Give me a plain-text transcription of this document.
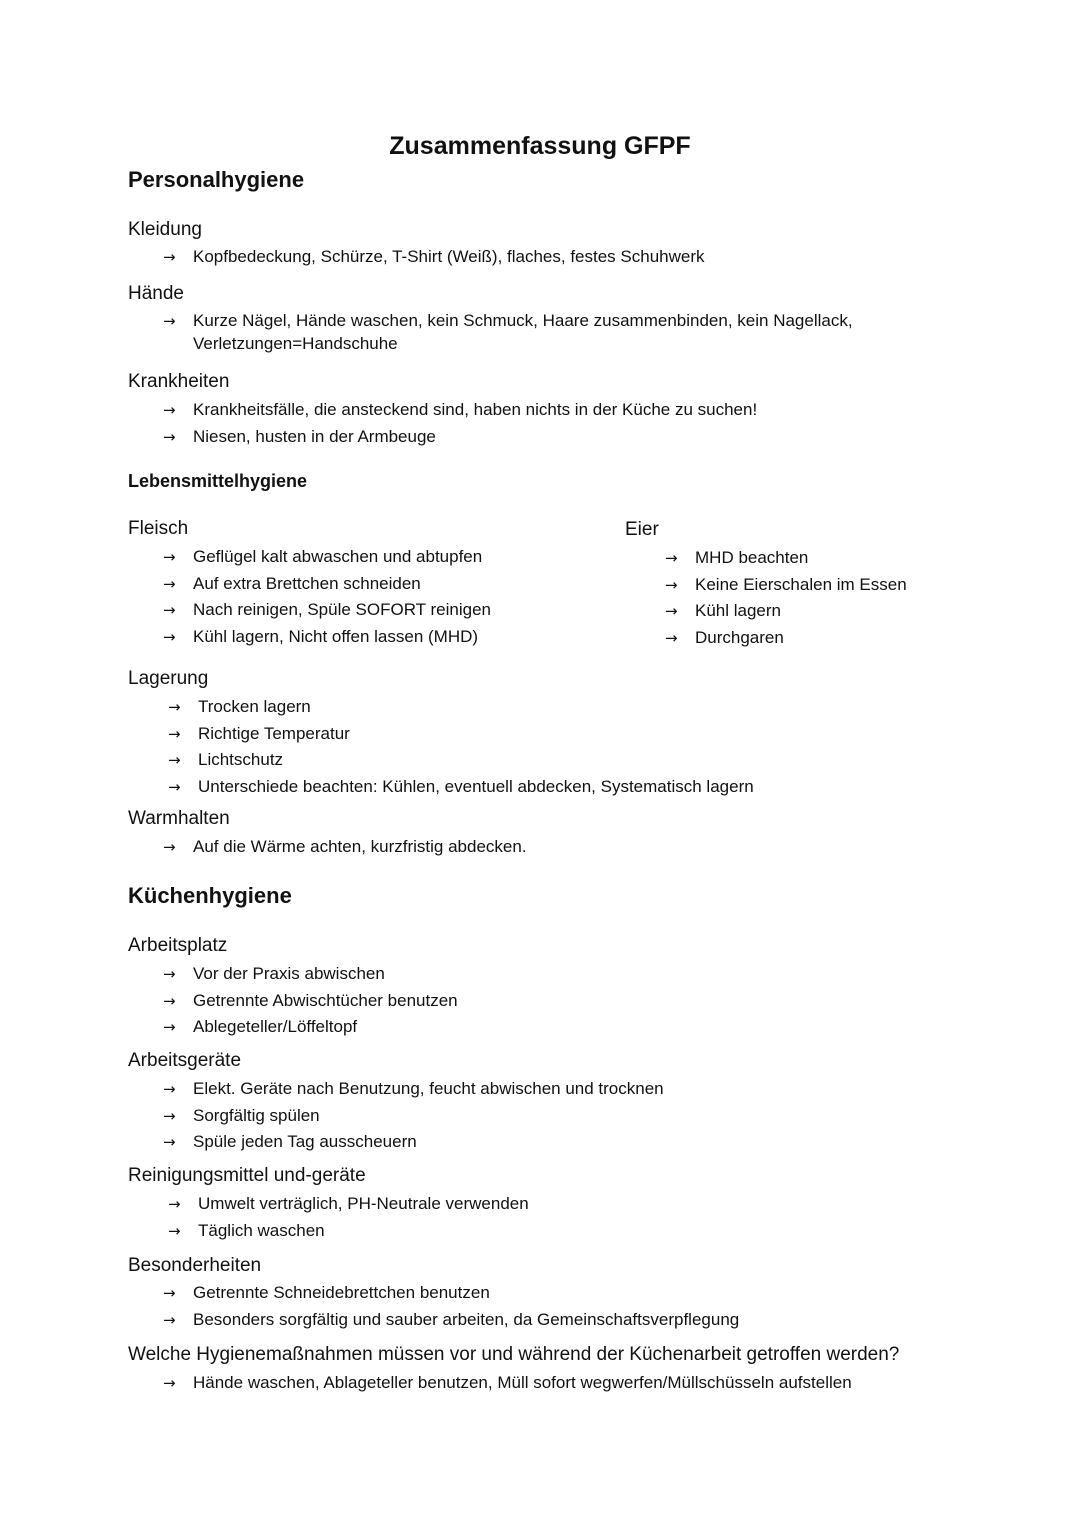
Zusammenfassung GFPF
Personalhygiene
Kleidung
→ Kopfbedeckung, Schürze, T-Shirt (Weiß), flaches, festes Schuhwerk
Hände
→ Kurze Nägel, Hände waschen, kein Schmuck, Haare zusammenbinden, kein Nagellack,
Verletzungen=Handschuhe
Krankheiten
→ Krankheitsfälle, die ansteckend sind, haben nichts in der Küche zu suchen!
→ Niesen, husten in der Armbeuge
Lebensmittelhygiene
Fleisch
→ Geflügel kalt abwaschen und abtupfen
→ Auf extra Brettchen schneiden
→ Nach reinigen, Spüle SOFORT reinigen
→ Kühl lagern, Nicht offen lassen (MHD)
Eier
→ MHD beachten
→ Keine Eierschalen im Essen
→ Kühl lagern
→ Durchgaren
Lagerung
→ Trocken lagern
→ Richtige Temperatur
→ Lichtschutz
→ Unterschiede beachten: Kühlen, eventuell abdecken, Systematisch lagern
Warmhalten
→ Auf die Wärme achten, kurzfristig abdecken.
Küchenhygiene
Arbeitsplatz
→ Vor der Praxis abwischen
→ Getrennte Abwischtücher benutzen
→ Ablegeteller/Löffeltopf
Arbeitsgeräte
→ Elekt. Geräte nach Benutzung, feucht abwischen und trocknen
→ Sorgfältig spülen
→ Spüle jeden Tag ausscheuern
Reinigungsmittel und-geräte
→ Umwelt verträglich, PH-Neutrale verwenden
→ Täglich waschen
Besonderheiten
→ Getrennte Schneidebrettchen benutzen
→ Besonders sorgfältig und sauber arbeiten, da Gemeinschaftsverpflegung
Welche Hygienemaßnahmen müssen vor und während der Küchenarbeit getroffen werden?
→ Hände waschen, Ablageteller benutzen, Müll sofort wegwerfen/Müllschüsseln aufstellen
